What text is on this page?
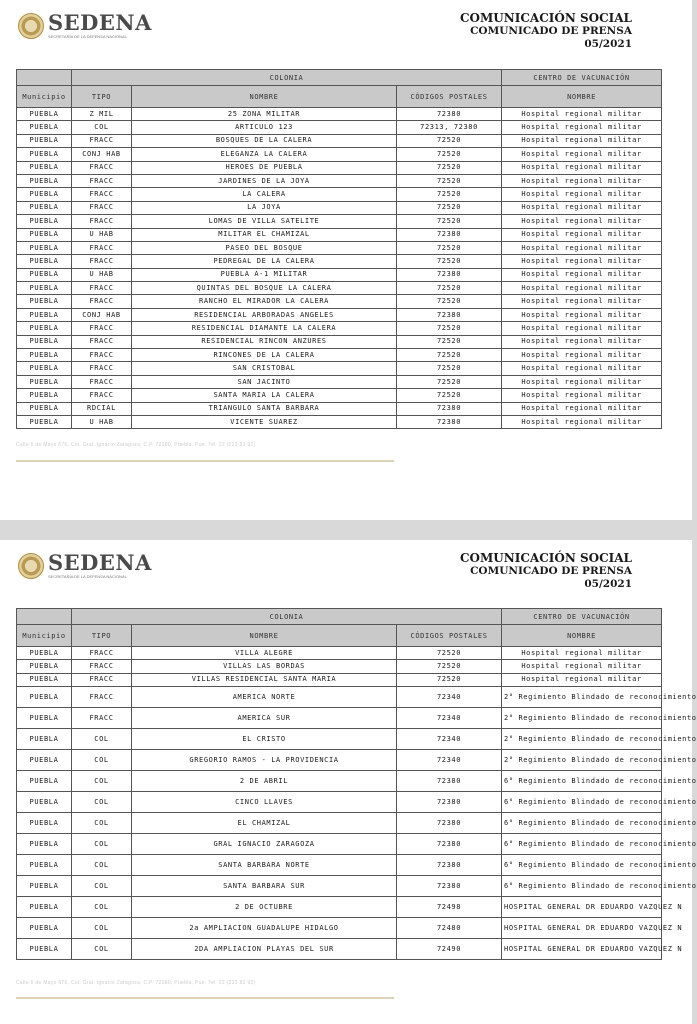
SEDENA
SECRETARÍA DE LA DEFENSA NACIONAL
COMUNICACIÓN SOCIAL
COMUNICADO DE PRENSA
05/2021
	COLONIA			CENTRO DE VACUNACIÓN
Municipio	TIPO	NOMBRE	CÓDIGOS POSTALES	NOMBRE
PUEBLA	Z MIL	25 ZONA MILITAR	72380	Hospital regional militar
PUEBLA	COL	ARTICULO 123	72313, 72380	Hospital regional militar
PUEBLA	FRACC	BOSQUES DE LA CALERA	72520	Hospital regional militar
PUEBLA	CONJ HAB	ELEGANZA LA CALERA	72520	Hospital regional militar
PUEBLA	FRACC	HEROES DE PUEBLA	72520	Hospital regional militar
PUEBLA	FRACC	JARDINES DE LA JOYA	72520	Hospital regional militar
PUEBLA	FRACC	LA CALERA	72520	Hospital regional militar
PUEBLA	FRACC	LA JOYA	72520	Hospital regional militar
PUEBLA	FRACC	LOMAS DE VILLA SATELITE	72520	Hospital regional militar
PUEBLA	U HAB	MILITAR EL CHAMIZAL	72380	Hospital regional militar
PUEBLA	FRACC	PASEO DEL BOSQUE	72520	Hospital regional militar
PUEBLA	FRACC	PEDREGAL DE LA CALERA	72520	Hospital regional militar
PUEBLA	U HAB	PUEBLA A-1 MILITAR	72380	Hospital regional militar
PUEBLA	FRACC	QUINTAS DEL BOSQUE LA CALERA	72520	Hospital regional militar
PUEBLA	FRACC	RANCHO EL MIRADOR LA CALERA	72520	Hospital regional militar
PUEBLA	CONJ HAB	RESIDENCIAL ARBORADAS ANGELES	72380	Hospital regional militar
PUEBLA	FRACC	RESIDENCIAL DIAMANTE LA CALERA	72520	Hospital regional militar
PUEBLA	FRACC	RESIDENCIAL RINCON ANZURES	72520	Hospital regional militar
PUEBLA	FRACC	RINCONES DE LA CALERA	72520	Hospital regional militar
PUEBLA	FRACC	SAN CRISTOBAL	72520	Hospital regional militar
PUEBLA	FRACC	SAN JACINTO	72520	Hospital regional militar
PUEBLA	FRACC	SANTA MARIA LA CALERA	72520	Hospital regional militar
PUEBLA	RDCIAL	TRIANGULO SANTA BARBARA	72380	Hospital regional militar
PUEBLA	U HAB	VICENTE SUAREZ	72380	Hospital regional militar
Calle 5 de Mayo 676, Col. Gral. Ignacio Zaragoza, C.P. 72380, Puebla, Pue. Tel: 22 (223 82 92)
SEDENA
SECRETARÍA DE LA DEFENSA NACIONAL
COMUNICACIÓN SOCIAL
COMUNICADO DE PRENSA
05/2021
	COLONIA			CENTRO DE VACUNACIÓN
Municipio	TIPO	NOMBRE	CÓDIGOS POSTALES	NOMBRE
PUEBLA	FRACC	VILLA ALEGRE	72520	Hospital regional militar
PUEBLA	FRACC	VILLAS LAS BORDAS	72520	Hospital regional militar
PUEBLA	FRACC	VILLAS RESIDENCIAL SANTA MARIA	72520	Hospital regional militar
PUEBLA	FRACC	AMERICA NORTE	72340	2° Regimiento Blindado de reconocimiento
PUEBLA	FRACC	AMERICA SUR	72340	2° Regimiento Blindado de reconocimiento
PUEBLA	COL	EL CRISTO	72340	2° Regimiento Blindado de reconocimiento
PUEBLA	COL	GREGORIO RAMOS - LA PROVIDENCIA	72340	2° Regimiento Blindado de reconocimiento
PUEBLA	COL	2 DE ABRIL	72380	6° Regimiento Blindado de reconocimiento
PUEBLA	COL	CINCO LLAVES	72380	6° Regimiento Blindado de reconocimiento
PUEBLA	COL	EL CHAMIZAL	72380	6° Regimiento Blindado de reconocimiento
PUEBLA	COL	GRAL IGNACIO ZARAGOZA	72380	6° Regimiento Blindado de reconocimiento
PUEBLA	COL	SANTA BARBARA NORTE	72380	6° Regimiento Blindado de reconocimiento
PUEBLA	COL	SANTA BARBARA SUR	72380	6° Regimiento Blindado de reconocimiento
PUEBLA	COL	2 DE OCTUBRE	72498	HOSPITAL GENERAL DR EDUARDO VAZQUEZ N
PUEBLA	COL	2a AMPLIACION GUADALUPE HIDALGO	72480	HOSPITAL GENERAL DR EDUARDO VAZQUEZ N
PUEBLA	COL	2DA AMPLIACION PLAYAS DEL SUR	72490	HOSPITAL GENERAL DR EDUARDO VAZQUEZ N
Calle 5 de Mayo 676, Col. Gral. Ignacio Zaragoza, C.P. 72380, Puebla, Pue. Tel: 22 (223 82 92)
